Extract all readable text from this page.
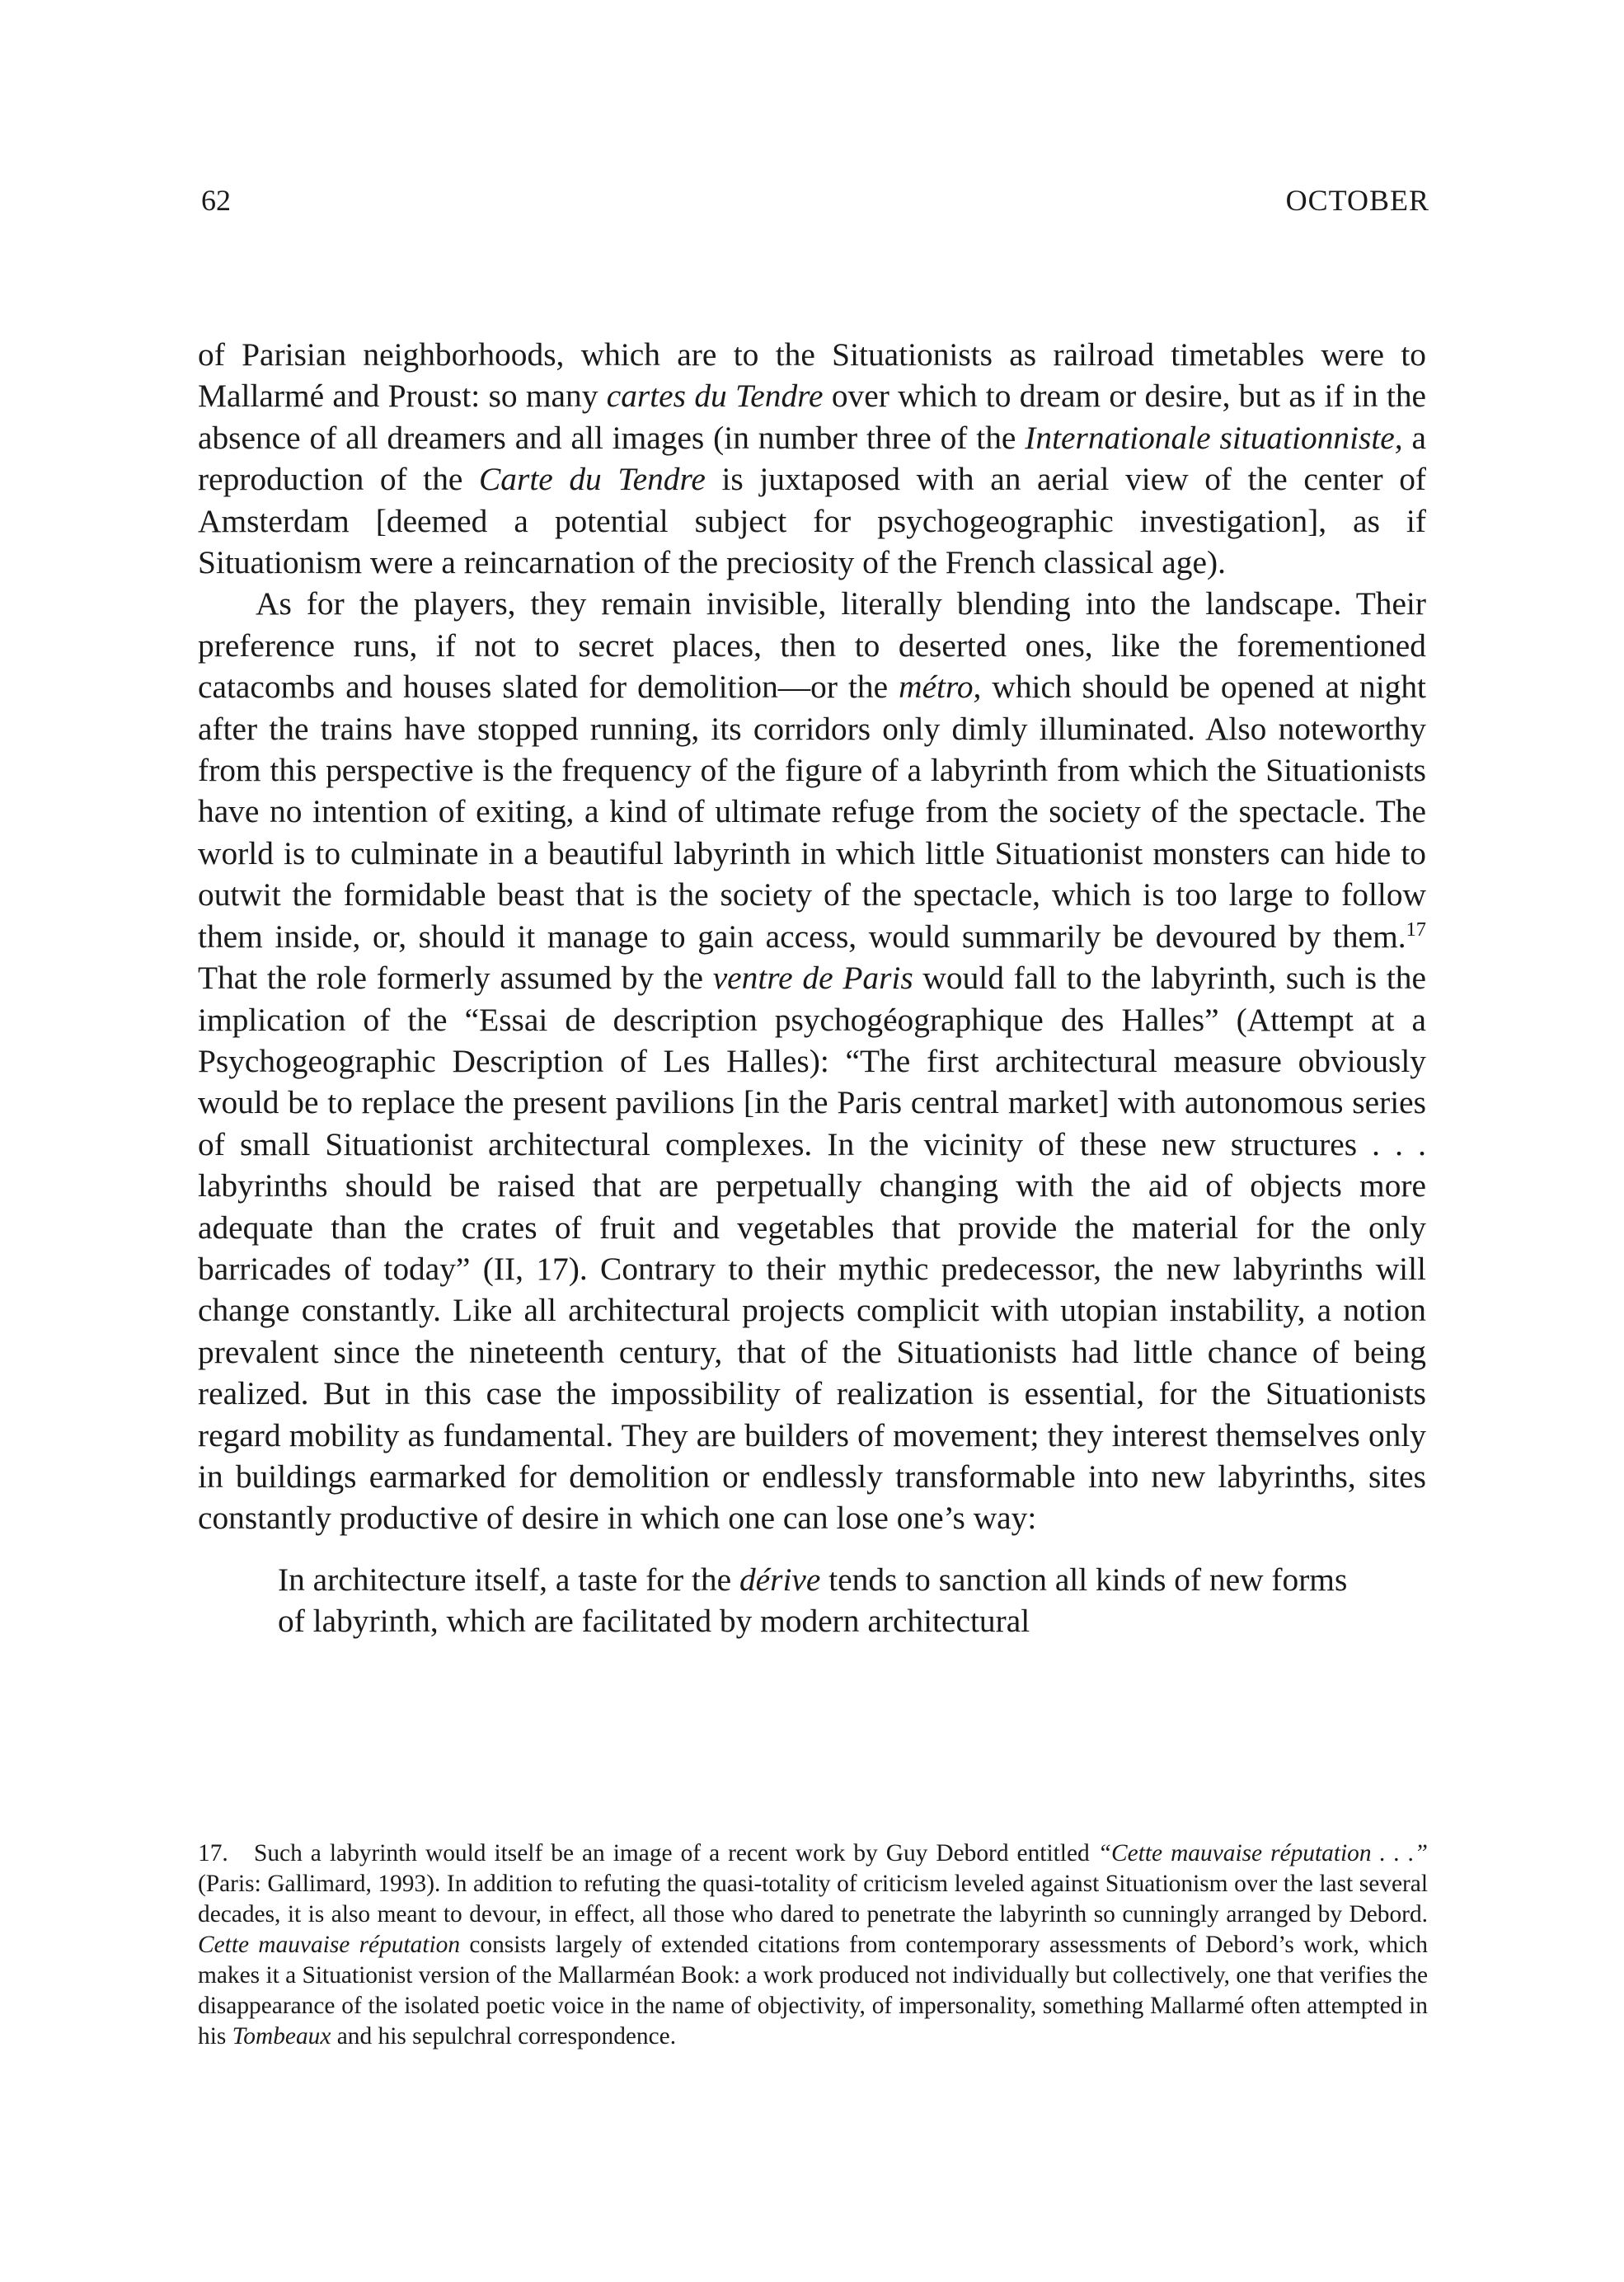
62	OCTOBER

of Parisian neighborhoods, which are to the Situationists as railroad timetables were to Mallarmé and Proust: so many cartes du Tendre over which to dream or desire, but as if in the absence of all dreamers and all images (in number three of the Internationale situationniste, a reproduction of the Carte du Tendre is juxtaposed with an aerial view of the center of Amsterdam [deemed a potential subject for psychogeographic investigation], as if Situationism were a reincarnation of the preciosity of the French classical age).

As for the players, they remain invisible, literally blending into the landscape. Their preference runs, if not to secret places, then to deserted ones, like the forementioned catacombs and houses slated for demolition—or the métro, which should be opened at night after the trains have stopped running, its corridors only dimly illuminated. Also noteworthy from this perspective is the frequency of the figure of a labyrinth from which the Situationists have no intention of exiting, a kind of ultimate refuge from the society of the spectacle. The world is to culminate in a beautiful labyrinth in which little Situationist monsters can hide to outwit the formidable beast that is the society of the spectacle, which is too large to follow them inside, or, should it manage to gain access, would summarily be devoured by them.$^{17}$ That the role formerly assumed by the ventre de Paris would fall to the labyrinth, such is the implication of the “Essai de description psychogéographique des Halles” (Attempt at a Psychogeographic Description of Les Halles): “The first architectural measure obviously would be to replace the present pavilions [in the Paris central market] with autonomous series of small Situationist architectural complexes. In the vicinity of these new structures . . . labyrinths should be raised that are perpetually changing with the aid of objects more adequate than the crates of fruit and vegetables that provide the material for the only barricades of today” (II, 17). Contrary to their mythic predecessor, the new labyrinths will change constantly. Like all architectural projects complicit with utopian instability, a notion prevalent since the nineteenth century, that of the Situationists had little chance of being realized. But in this case the impossibility of realization is essential, for the Situationists regard mobility as fundamental. They are builders of movement; they interest themselves only in buildings earmarked for demolition or endlessly transformable into new labyrinths, sites constantly productive of desire in which one can lose one’s way:

In architecture itself, a taste for the dérive tends to sanction all kinds of new forms of labyrinth, which are facilitated by modern architectural

17. Such a labyrinth would itself be an image of a recent work by Guy Debord entitled “Cette mauvaise réputation . . .” (Paris: Gallimard, 1993). In addition to refuting the quasi-totality of criticism leveled against Situationism over the last several decades, it is also meant to devour, in effect, all those who dared to penetrate the labyrinth so cunningly arranged by Debord. Cette mauvaise réputation consists largely of extended citations from contemporary assessments of Debord’s work, which makes it a Situationist version of the Mallarméan Book: a work produced not individually but collectively, one that verifies the disappearance of the isolated poetic voice in the name of objectivity, of impersonality, something Mallarmé often attempted in his Tombeaux and his sepulchral correspondence.
